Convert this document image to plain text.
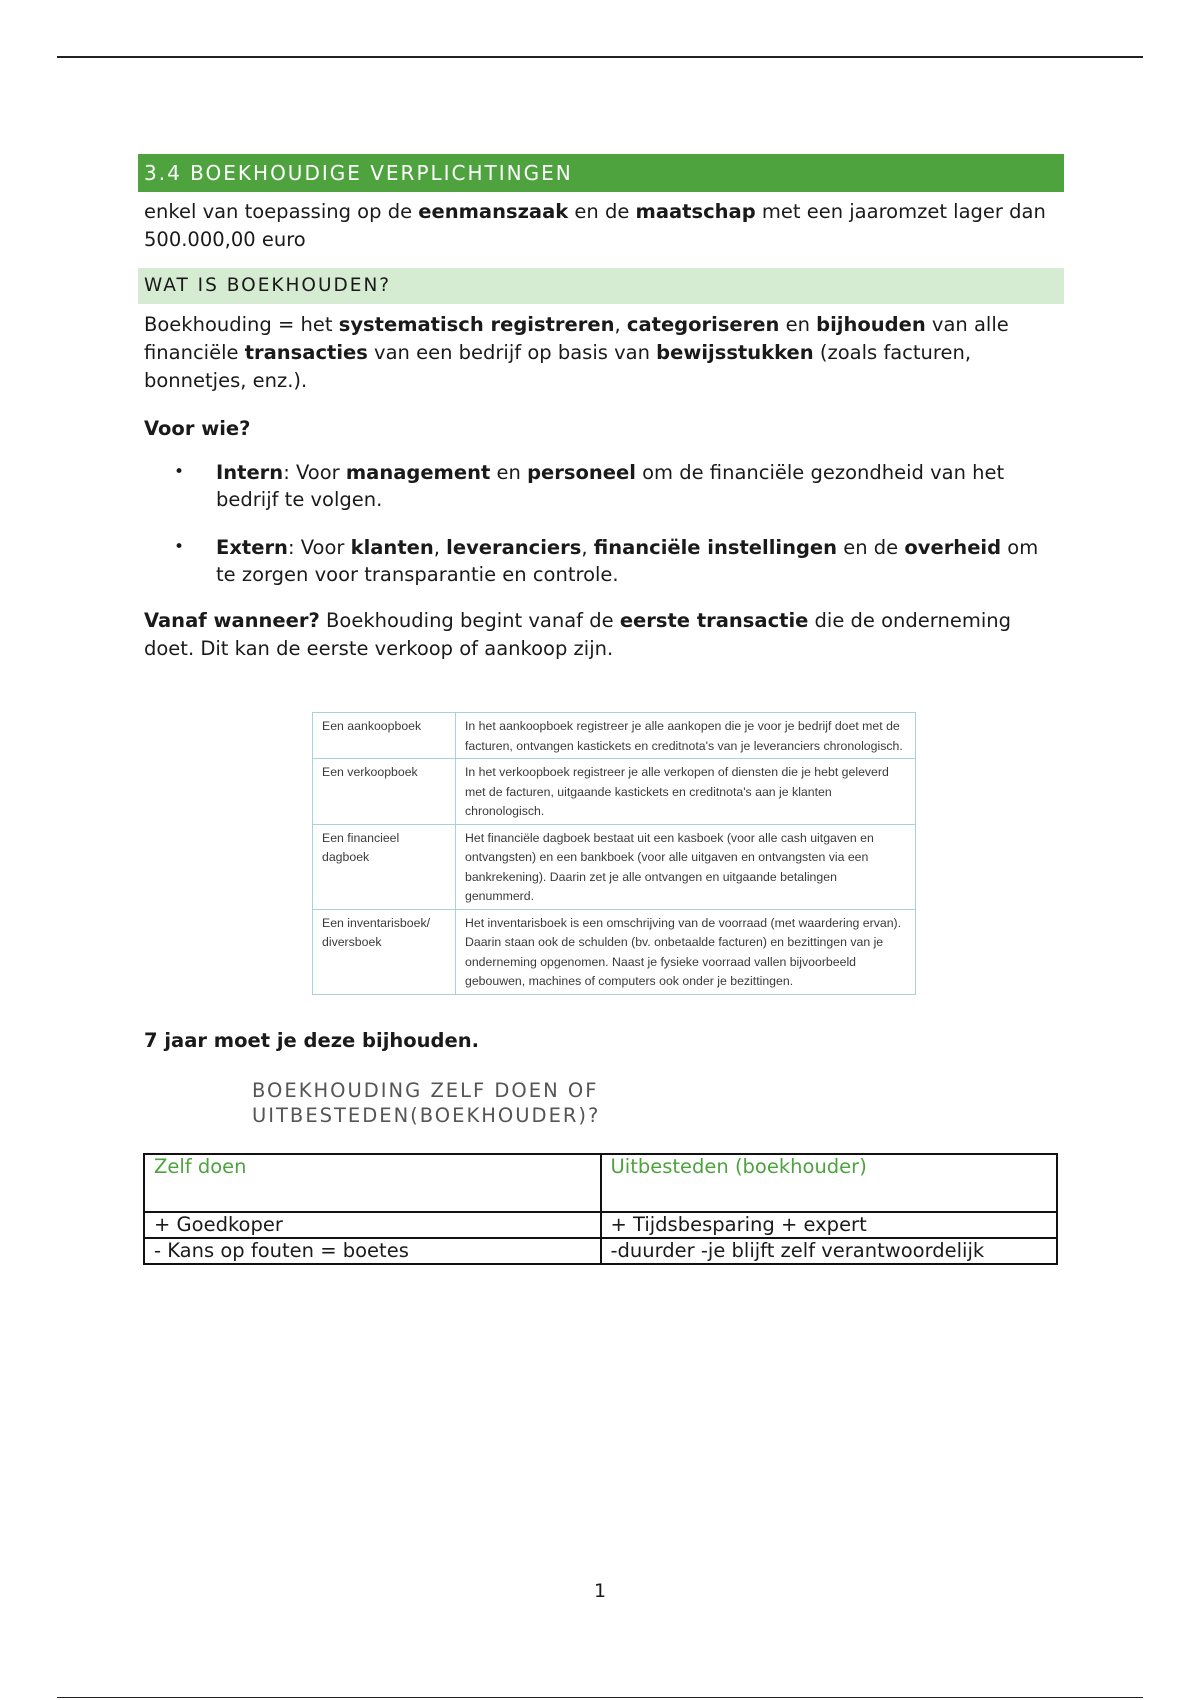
3.4 BOEKHOUDIGE VERPLICHTINGEN

enkel van toepassing op de eenmanszaak en de maatschap met een jaaromzet lager dan 500.000,00 euro

WAT IS BOEKHOUDEN?

Boekhouding = het systematisch registreren, categoriseren en bijhouden van alle financiële transacties van een bedrijf op basis van bewijsstukken (zoals facturen, bonnetjes, enz.).

Voor wie?

• Intern: Voor management en personeel om de financiële gezondheid van het bedrijf te volgen.
• Extern: Voor klanten, leveranciers, financiële instellingen en de overheid om te zorgen voor transparantie en controle.

Vanaf wanneer? Boekhouding begint vanaf de eerste transactie die de onderneming doet. Dit kan de eerste verkoop of aankoop zijn.

7 jaar moet je deze bijhouden.
Een aankoopboek	In het aankoopboek registreer je alle aankopen die je voor je bedrijf doet met de facturen, ontvangen kastickets en creditnota's van je leveranciers chronologisch.
Een verkoopboek	In het verkoopboek registreer je alle verkopen of diensten die je hebt geleverd met de facturen, uitgaande kastickets en creditnota's aan je klanten chronologisch.
Een financieel dagboek	Het financiële dagboek bestaat uit een kasboek (voor alle cash uitgaven en ontvangsten) en een bankboek (voor alle uitgaven en ontvangsten via een bankrekening). Daarin zet je alle ontvangen en uitgaande betalingen genummerd.
Een inventarisboek/ diversboek	Het inventarisboek is een omschrijving van de voorraad (met waardering ervan). Daarin staan ook de schulden (bv. onbetaalde facturen) en bezittingen van je onderneming opgenomen. Naast je fysieke voorraad vallen bijvoorbeeld gebouwen, machines of computers ook onder je bezittingen.
BOEKHOUDING ZELF DOEN OF UITBESTEDEN(BOEKHOUDER)?
Zelf doen	Uitbesteden (boekhouder)
+ Goedkoper	+ Tijdsbesparing + expert
- Kans op fouten = boetes	-duurder -je blijft zelf verantwoordelijk
1
